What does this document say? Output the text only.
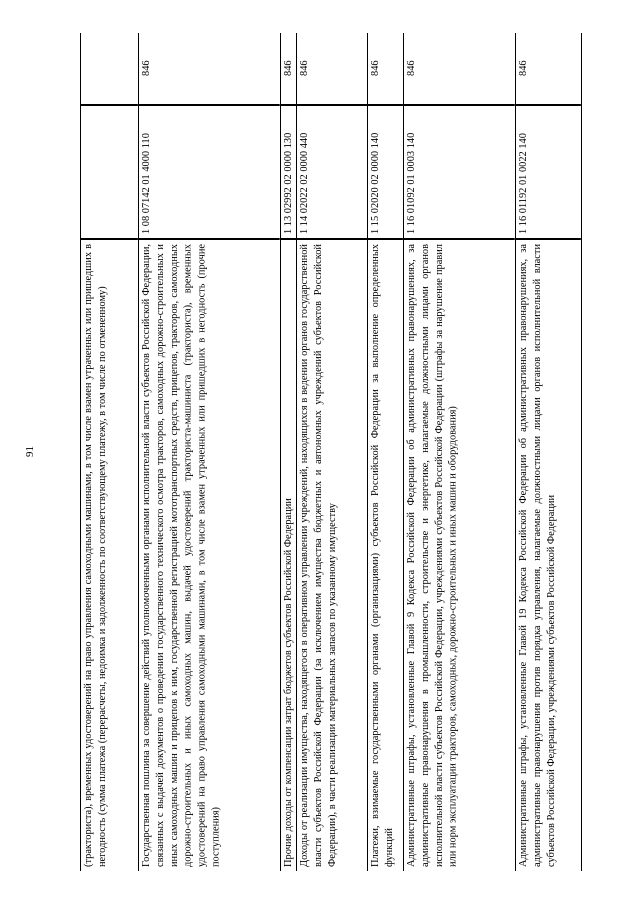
91	(тракториста), временных удостоверений на право управления самоходными машинами, в том числе взамен утраченных или пришедших в негодность (сумма платежа (перерасчеты, недоимка и задолженность по соответствующему платежу, в том числе по отмененному)
846
1 08 07142 01 4000 110
Государственная пошлина за совершение действий уполномоченными органами исполнительной власти субъектов Российской Федерации, связанных с выдачей документов о проведении государственного технического осмотра тракторов, самоходных дорожно-строительных и иных самоходных машин и прицепов к ним, государственной регистрацией мототранспортных средств, прицепов, тракторов, самоходных дорожно-строительных и иных самоходных машин, выдачей удостоверений тракториста-машиниста (тракториста), временных удостоверений на право управления самоходными машинами, в том числе взамен утраченных или пришедших в негодность (прочие поступления)
846
1 13 02992 02 0000 130
Прочие доходы от компенсации затрат бюджетов субъектов Российской Федерации
846
1 14 02022 02 0000 440
Доходы от реализации имущества, находящегося в оперативном управлении учреждений, находящихся в ведении органов государственной власти субъектов Российской Федерации (за исключением имущества бюджетных и автономных учреждений субъектов Российской Федерации), в части реализации материальных запасов по указанному имуществу
846
1 15 02020 02 0000 140
Платежи, взимаемые государственными органами (организациями) субъектов Российской Федерации за выполнение определенных функций
846
1 16 01092 01 0003 140
Административные штрафы, установленные Главой 9 Кодекса Российской Федерации об административных правонарушениях, за административные правонарушения в промышленности, строительстве и энергетике, налагаемые должностными лицами органов исполнительной власти субъектов Российской Федерации, учреждениями субъектов Российской Федерации (штрафы за нарушение правил или норм эксплуатации тракторов, самоходных, дорожно-строительных и иных машин и оборудования)
846
1 16 01192 01 0022 140
Административные штрафы, установленные Главой 19 Кодекса Российской Федерации об административных правонарушениях, за административные правонарушения против порядка управления, налагаемые должностными лицами органов исполнительной власти субъектов Российской Федерации, учреждениями субъектов Российской Федерации
